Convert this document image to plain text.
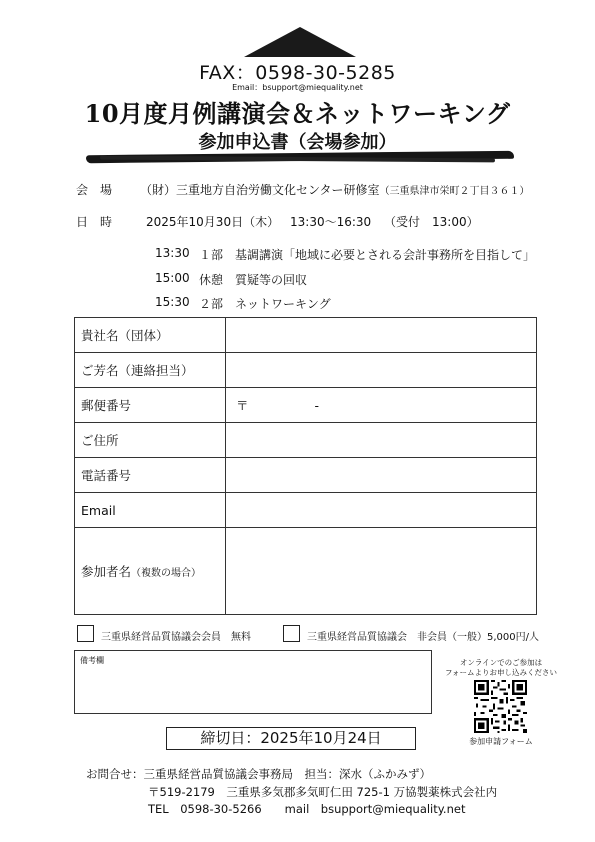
FAX：0598-30-5285
Email：bsupport@miequality.net
10月度月例講演会＆ネットワーキング
参加申込書（会場参加）
会　場 （財）三重地方自治労働文化センター研修室（三重県津市栄町２丁目３６１）
日　時	2025年10月30日（木） 13:30～16:30 （受付　13:00）
13:30 １部　基調講演「地域に必要とされる会計事務所を目指して」
15:00 休憩　質疑等の回収
15:30 ２部　ネットワーキング
貴社名（団体）	
ご芳名（連絡担当）	
郵便番号	〒 -
ご住所	
電話番号	
Email	
参加者名（複数の場合）	
三重県経営品質協議会会員　無料	三重県経営品質協議会　非会員（一般）5,000円/人
備考欄	オンラインでのご参加は
フォームよりお申し込みください
参加申請フォーム
締切日：2025年10月24日
お問合せ：三重県経営品質協議会事務局　担当：深水（ふかみず）
〒519-2179　三重県多気郡多気町仁田 725-1 万協製薬株式会社内
TEL　0598-30-5266　　mail　bsupport@miequality.net
